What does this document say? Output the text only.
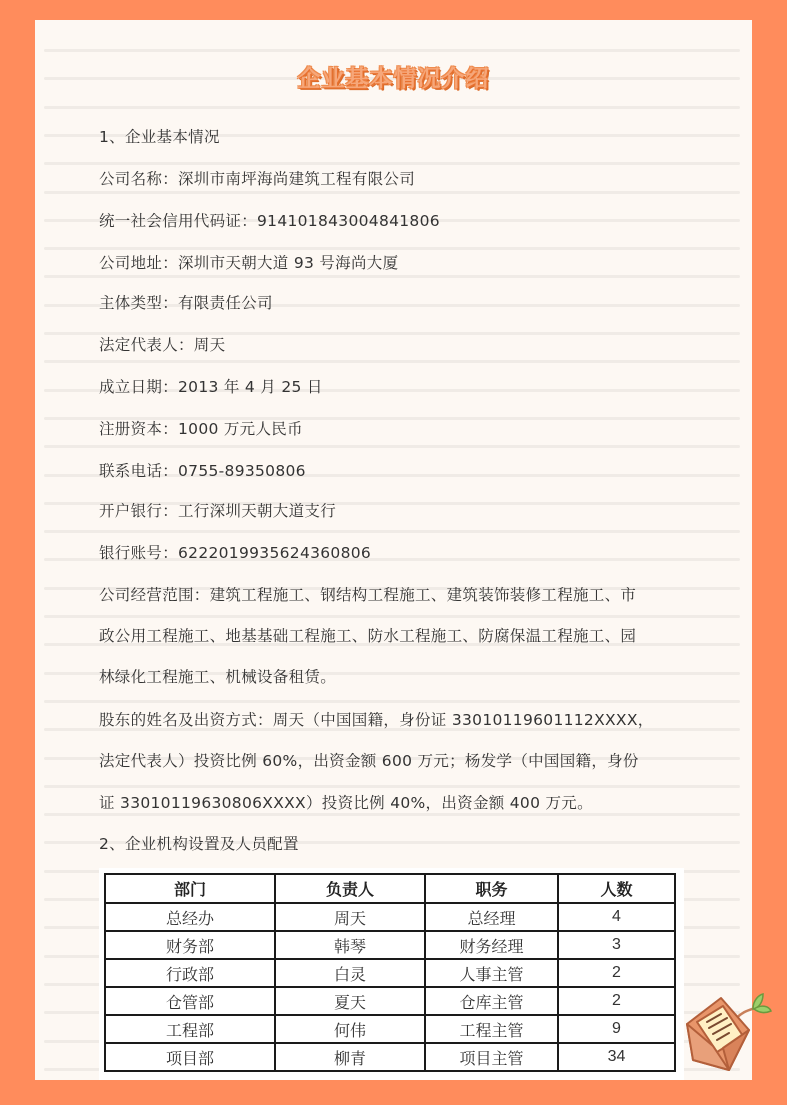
企业基本情况介绍
1、企业基本情况
公司名称：深圳市南坪海尚建筑工程有限公司
统一社会信用代码证：914101843004841806
公司地址：深圳市天朝大道 93 号海尚大厦
主体类型：有限责任公司
法定代表人：周天
成立日期：2013 年 4 月 25 日
注册资本：1000 万元人民币
联系电话：0755-89350806
开户银行：工行深圳天朝大道支行
银行账号：6222019935624360806
公司经营范围：建筑工程施工、钢结构工程施工、建筑装饰装修工程施工、市
政公用工程施工、地基基础工程施工、防水工程施工、防腐保温工程施工、园
林绿化工程施工、机械设备租赁。
股东的姓名及出资方式：周天（中国国籍，身份证 33010119601112XXXX，
法定代表人）投资比例 60%，出资金额 600 万元；杨发学（中国国籍，身份
证 33010119630806XXXX）投资比例 40%，出资金额 400 万元。
2、企业机构设置及人员配置
部门	负责人	职务	人数
总经办	周天	总经理	4
财务部	韩琴	财务经理	3
行政部	白灵	人事主管	2
仓管部	夏天	仓库主管	2
工程部	何伟	工程主管	9
项目部	柳青	项目主管	34
